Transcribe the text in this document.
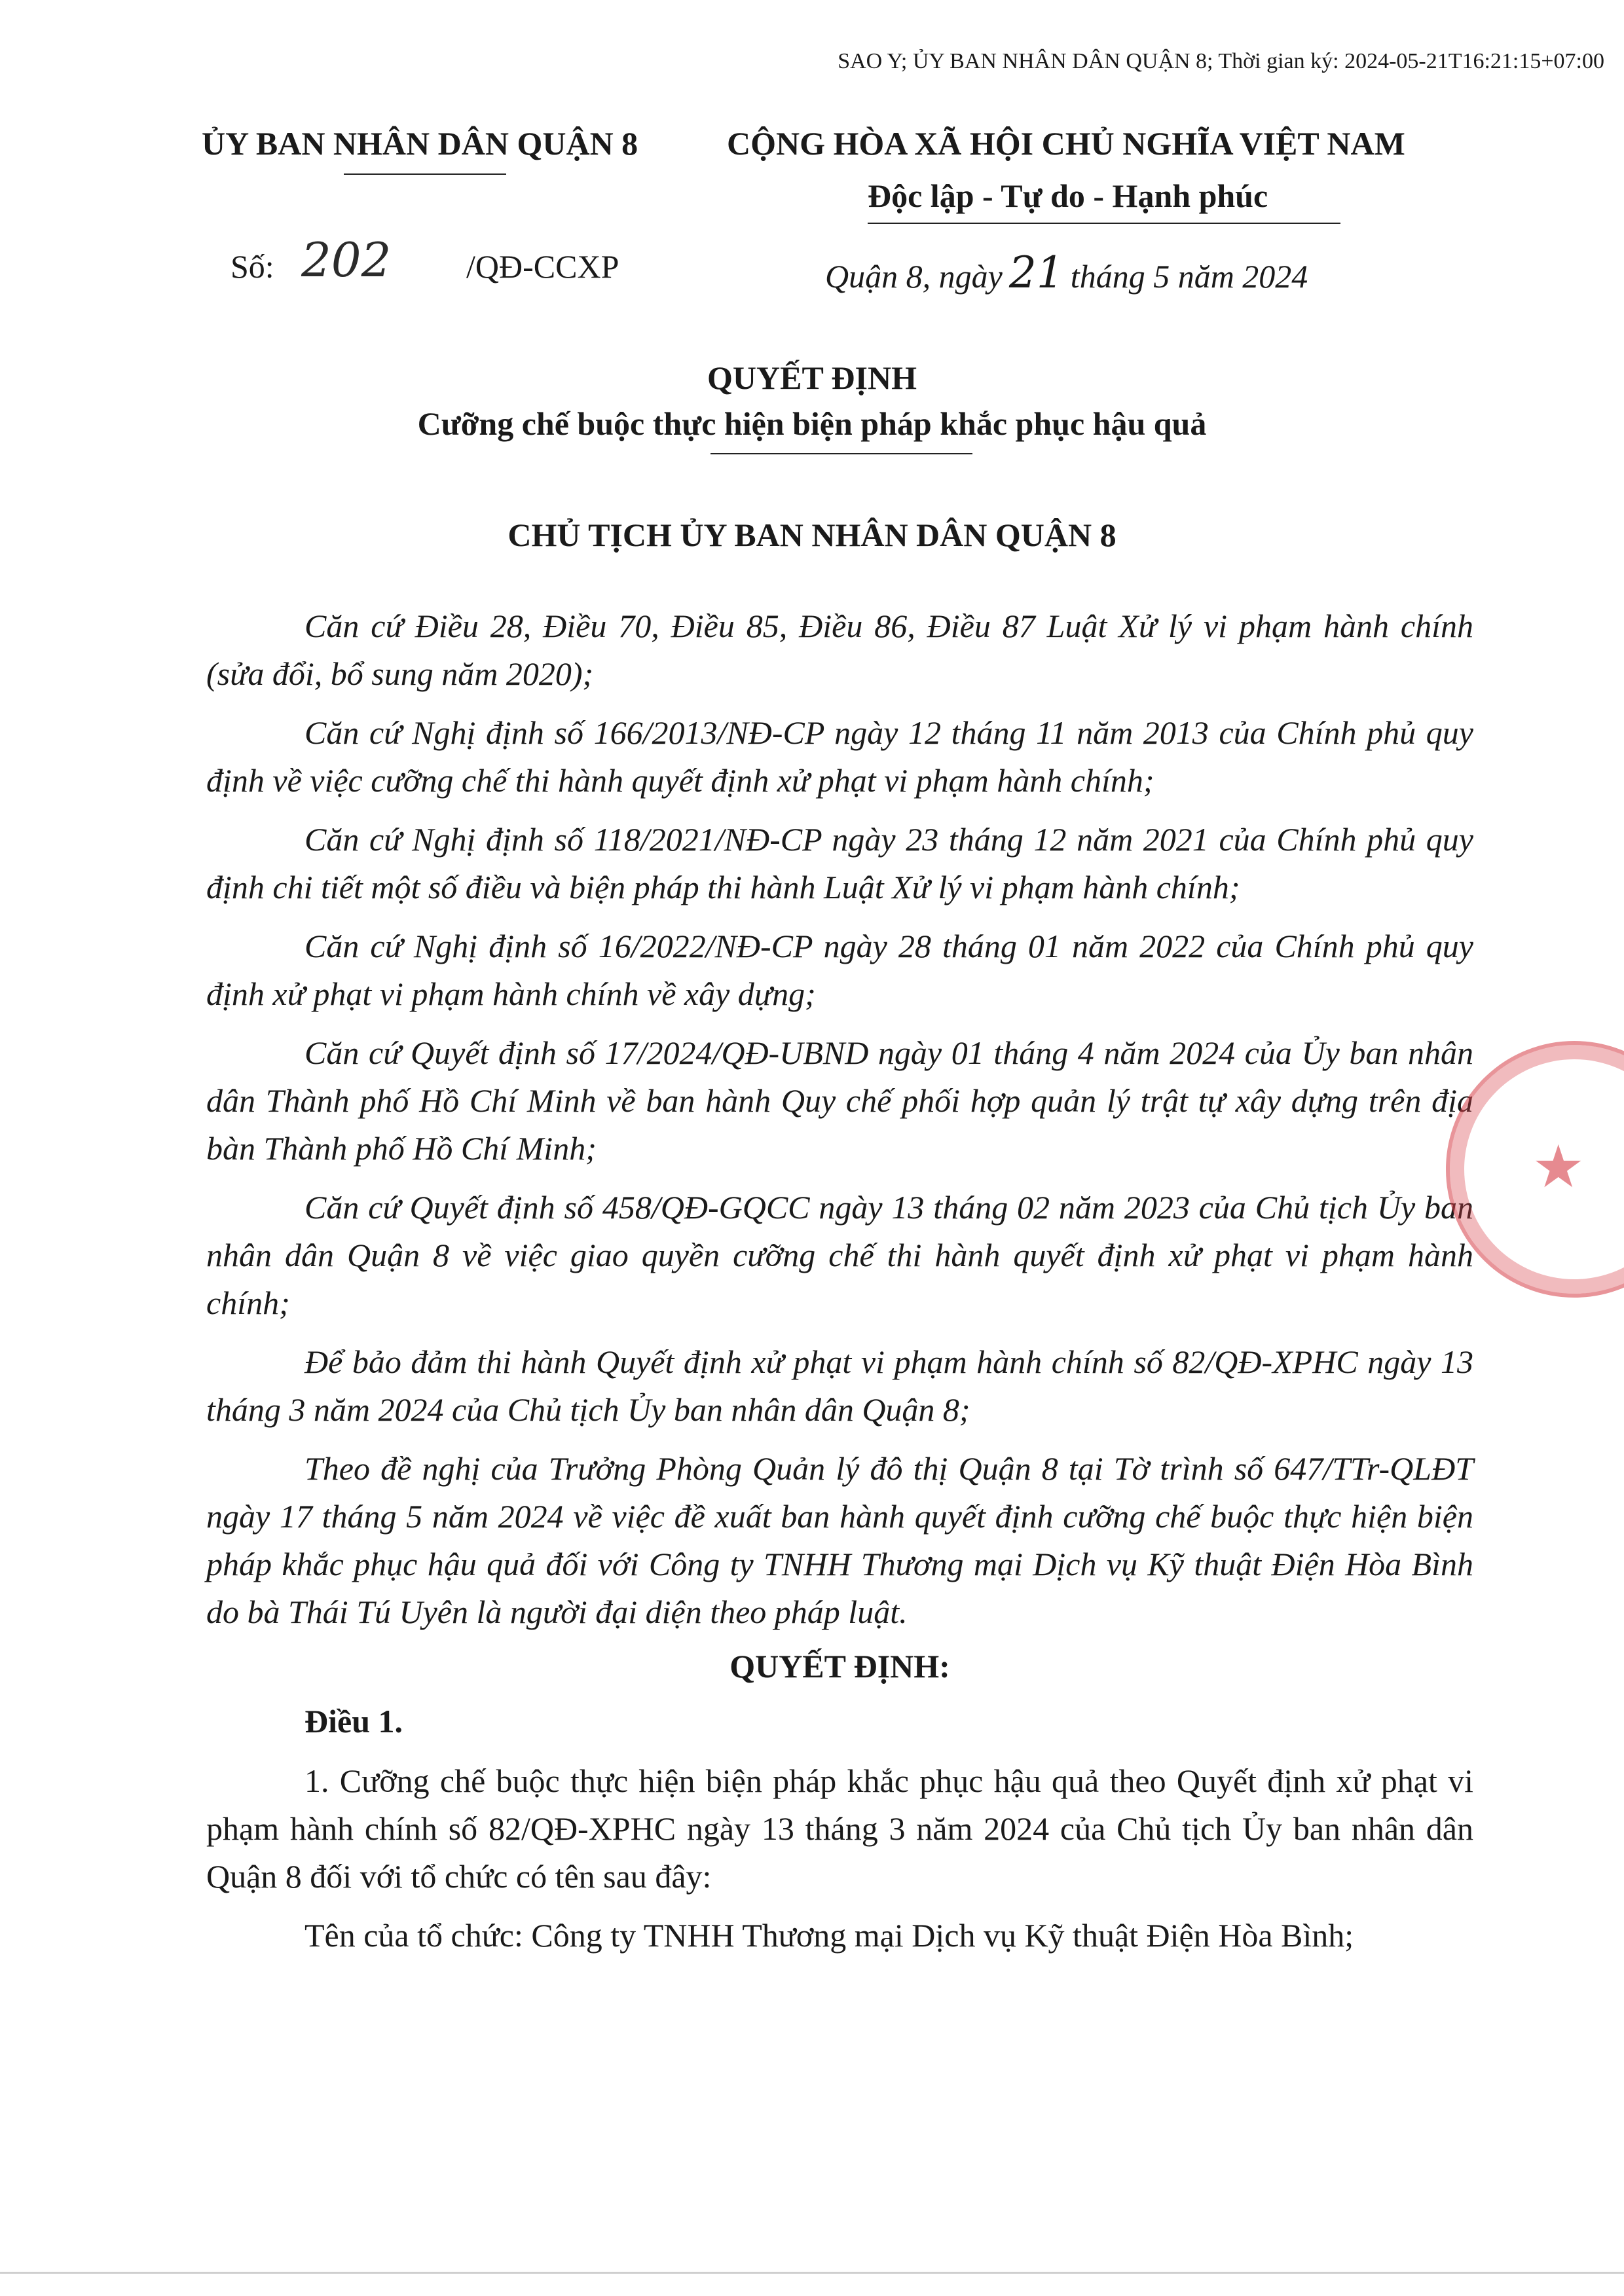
SAO Y; ỦY BAN NHÂN DÂN QUẬN 8; Thời gian ký: 2024-05-21T16:21:15+07:00
ỦY BAN NHÂN DÂN QUẬN 8	CỘNG HÒA XÃ HỘI CHỦ NGHĨA VIỆT NAM
Độc lập - Tự do - Hạnh phúc
Số: 202 /QĐ-CCXP	Quận 8, ngày 21 tháng 5 năm 2024
QUYẾT ĐỊNH
Cưỡng chế buộc thực hiện biện pháp khắc phục hậu quả
CHỦ TỊCH ỦY BAN NHÂN DÂN QUẬN 8

Căn cứ Điều 28, Điều 70, Điều 85, Điều 86, Điều 87 Luật Xử lý vi phạm hành chính (sửa đổi, bổ sung năm 2020);

Căn cứ Nghị định số 166/2013/NĐ-CP ngày 12 tháng 11 năm 2013 của Chính phủ quy định về việc cưỡng chế thi hành quyết định xử phạt vi phạm hành chính;

Căn cứ Nghị định số 118/2021/NĐ-CP ngày 23 tháng 12 năm 2021 của Chính phủ quy định chi tiết một số điều và biện pháp thi hành Luật Xử lý vi phạm hành chính;

Căn cứ Nghị định số 16/2022/NĐ-CP ngày 28 tháng 01 năm 2022 của Chính phủ quy định xử phạt vi phạm hành chính về xây dựng;

Căn cứ Quyết định số 17/2024/QĐ-UBND ngày 01 tháng 4 năm 2024 của Ủy ban nhân dân Thành phố Hồ Chí Minh về ban hành Quy chế phối hợp quản lý trật tự xây dựng trên địa bàn Thành phố Hồ Chí Minh;

Căn cứ Quyết định số 458/QĐ-GQCC ngày 13 tháng 02 năm 2023 của Chủ tịch Ủy ban nhân dân Quận 8 về việc giao quyền cưỡng chế thi hành quyết định xử phạt vi phạm hành chính;

Để bảo đảm thi hành Quyết định xử phạt vi phạm hành chính số 82/QĐ-XPHC ngày 13 tháng 3 năm 2024 của Chủ tịch Ủy ban nhân dân Quận 8;

Theo đề nghị của Trưởng Phòng Quản lý đô thị Quận 8 tại Tờ trình số 647/TTr-QLĐT ngày 17 tháng 5 năm 2024 về việc đề xuất ban hành quyết định cưỡng chế buộc thực hiện biện pháp khắc phục hậu quả đối với Công ty TNHH Thương mại Dịch vụ Kỹ thuật Điện Hòa Bình do bà Thái Tú Uyên là người đại diện theo pháp luật.

QUYẾT ĐỊNH:
Điều 1.

1. Cưỡng chế buộc thực hiện biện pháp khắc phục hậu quả theo Quyết định xử phạt vi phạm hành chính số 82/QĐ-XPHC ngày 13 tháng 3 năm 2024 của Chủ tịch Ủy ban nhân dân Quận 8 đối với tổ chức có tên sau đây:

Tên của tổ chức: Công ty TNHH Thương mại Dịch vụ Kỹ thuật Điện Hòa Bình;

★
